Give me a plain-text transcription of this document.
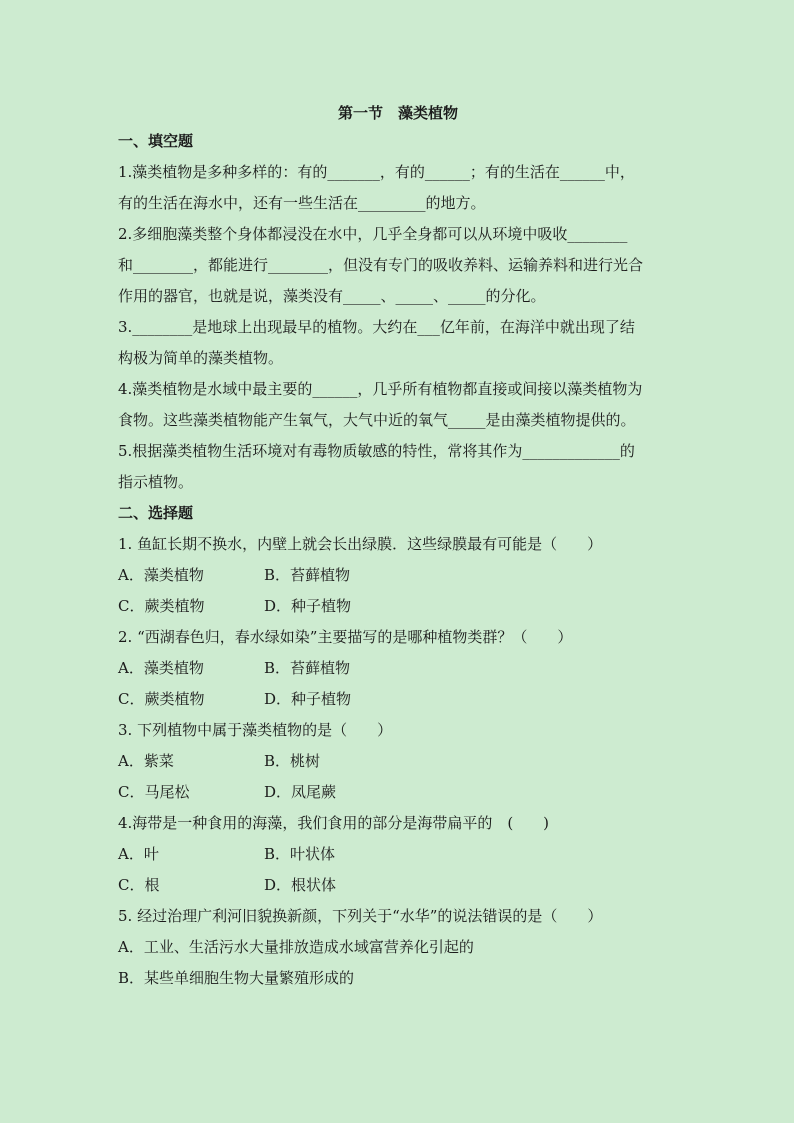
第一节　藻类植物
一、填空题
1.藻类植物是多种多样的：有的_______，有的______；有的生活在______中，
有的生活在海水中，还有一些生活在_________的地方。
2.多细胞藻类整个身体都浸没在水中，几乎全身都可以从环境中吸收________
和________，都能进行________，但没有专门的吸收养料、运输养料和进行光合
作用的器官，也就是说，藻类没有_____、_____、_____的分化。
3.________是地球上出现最早的植物。大约在___亿年前，在海洋中就出现了结
构极为简单的藻类植物。
4.藻类植物是水域中最主要的______，几乎所有植物都直接或间接以藻类植物为
食物。这些藻类植物能产生氧气，大气中近的氧气_____是由藻类植物提供的。
5.根据藻类植物生活环境对有毒物质敏感的特性，常将其作为_____________的
指示植物。
二、选择题
1. 鱼缸长期不换水，内壁上就会长出绿膜．这些绿膜最有可能是（　　）
A．藻类植物	B．苔藓植物
C．蕨类植物	D．种子植物
2. “西湖春色归，春水绿如染”主要描写的是哪种植物类群？（　　）
A．藻类植物	B．苔藓植物
C．蕨类植物	D．种子植物
3. 下列植物中属于藻类植物的是（　　）
A．紫菜	B．桃树
C．马尾松	D．凤尾蕨
4.海带是一种食用的海藻，我们食用的部分是海带扁平的　(　　)
A．叶	B．叶状体
C．根	D．根状体
5. 经过治理广利河旧貌换新颜，下列关于“水华”的说法错误的是（　　）
A．工业、生活污水大量排放造成水域富营养化引起的
B．某些单细胞生物大量繁殖形成的
